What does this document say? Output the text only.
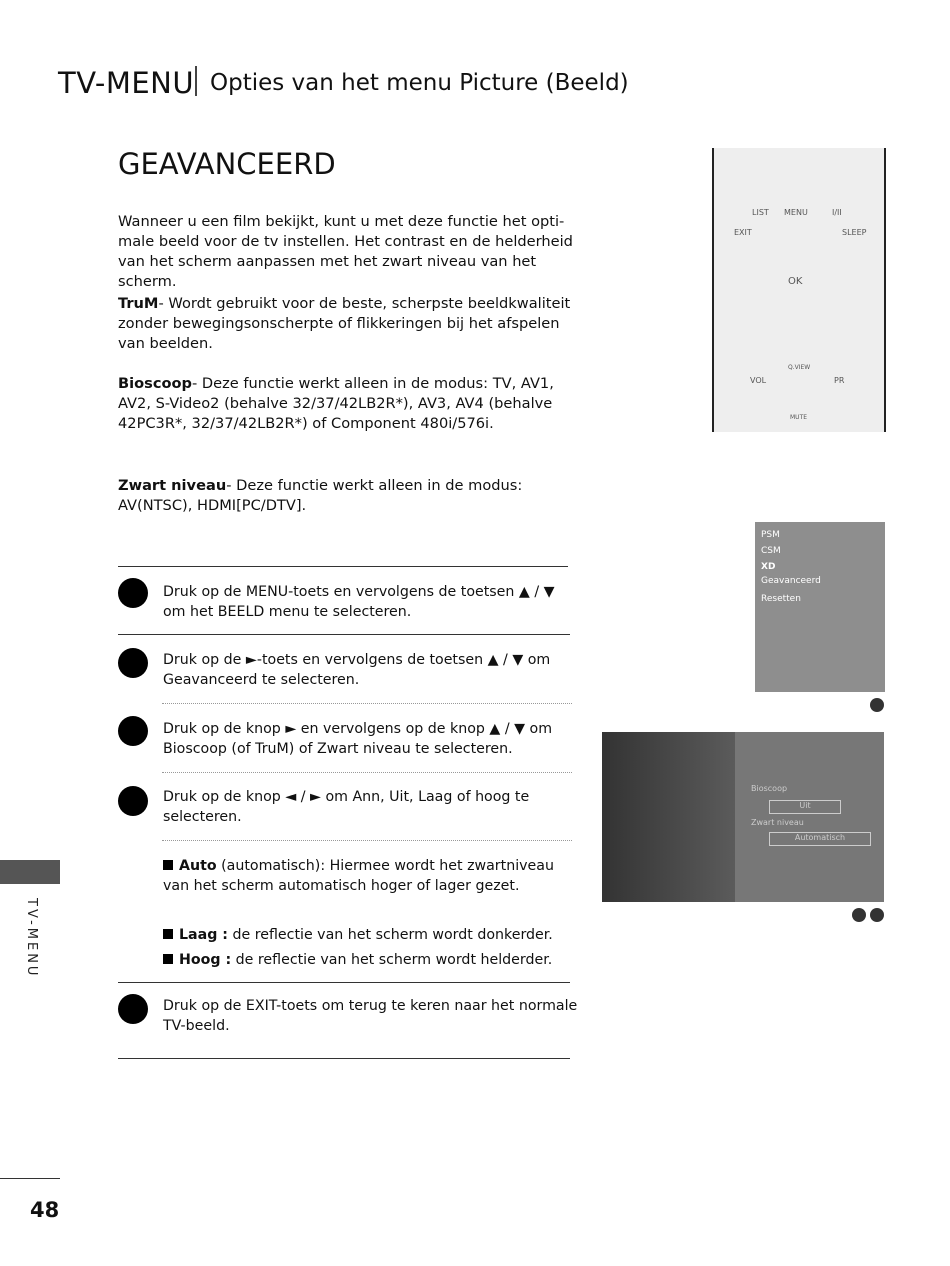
TV-MENU Opties van het menu Picture (Beeld)
GEAVANCEERD
Wanneer u een film bekijkt, kunt u met deze functie het opti- male beeld voor de tv instellen. Het contrast en de helderheid van het scherm aanpassen met het zwart niveau van het scherm.
TruM- Wordt gebruikt voor de beste, scherpste beeldkwaliteit zonder bewegingsonscherpte of flikkeringen bij het afspelen van beelden.
Bioscoop- Deze functie werkt alleen in de modus: TV, AV1, AV2, S-Video2 (behalve 32/37/42LB2R*), AV3, AV4 (behalve 42PC3R*, 32/37/42LB2R*) of Component 480i/576i.
Zwart niveau- Deze functie werkt alleen in de modus: AV(NTSC), HDMI[PC/DTV].
Druk op de MENU-toets en vervolgens de toetsen ▲ / ▼ om het BEELD menu te selecteren.
Druk op de ►-toets en vervolgens de toetsen ▲ / ▼ om Geavanceerd te selecteren.
Druk op de knop ► en vervolgens op de knop ▲ / ▼ om Bioscoop (of TruM) of Zwart niveau te selecteren.
Druk op de knop ◄ / ► om Ann, Uit, Laag of hoog te selecteren.
Auto (automatisch): Hiermee wordt het zwartniveau van het scherm automatisch hoger of lager gezet.
Laag : de reflectie van het scherm wordt donkerder.
Hoog : de reflectie van het scherm wordt helderder.
Druk op de EXIT-toets om terug te keren naar het normale TV-beeld.
TV-MENU
48
LIST MENU	I/II
EXIT	SLEEP
OK
VOL	PR
Q.VIEW
MUTE
PSM
CSM
XD
Geavanceerd
Resetten
Bioscoop
Uit
Zwart niveau
Automatisch
